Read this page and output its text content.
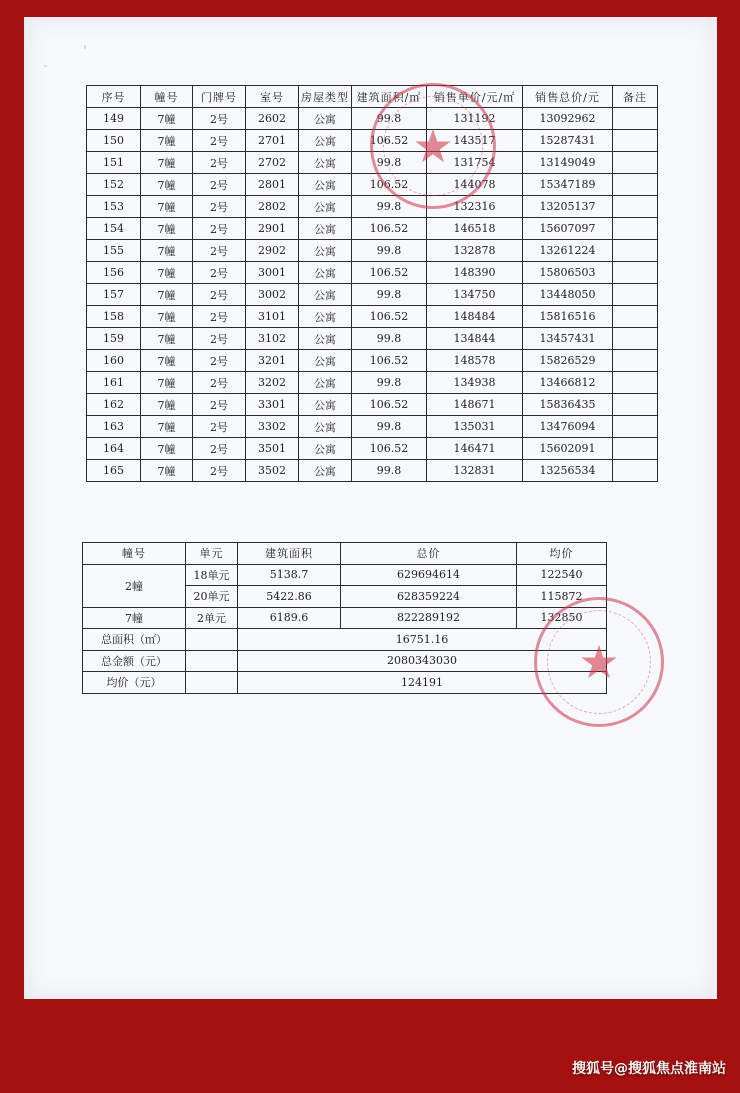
序号	幢号	门牌号	室号	房屋类型	建筑面积/㎡	销售单价/元/㎡	销售总价/元	备注
149	7幢	2号	2602	公寓	99.8	131192	13092962	
150	7幢	2号	2701	公寓	106.52	143517	15287431	
151	7幢	2号	2702	公寓	99.8	131754	13149049	
152	7幢	2号	2801	公寓	106.52	144078	15347189	
153	7幢	2号	2802	公寓	99.8	132316	13205137	
154	7幢	2号	2901	公寓	106.52	146518	15607097	
155	7幢	2号	2902	公寓	99.8	132878	13261224	
156	7幢	2号	3001	公寓	106.52	148390	15806503	
157	7幢	2号	3002	公寓	99.8	134750	13448050	
158	7幢	2号	3101	公寓	106.52	148484	15816516	
159	7幢	2号	3102	公寓	99.8	134844	13457431	
160	7幢	2号	3201	公寓	106.52	148578	15826529	
161	7幢	2号	3202	公寓	99.8	134938	13466812	
162	7幢	2号	3301	公寓	106.52	148671	15836435	
163	7幢	2号	3302	公寓	99.8	135031	13476094	
164	7幢	2号	3501	公寓	106.52	146471	15602091	
165	7幢	2号	3502	公寓	99.8	132831	13256534	
幢号	单元	建筑面积	总价	均价
2幢	18单元	5138.7	629694614	122540
	20单元	5422.86	628359224	115872
7幢	2单元	6189.6	822289192	132850
总面积（㎡）		16751.16		
总金额（元）		2080343030		
均价（元）		124191		
★
★
搜狐号@搜狐焦点淮南站
